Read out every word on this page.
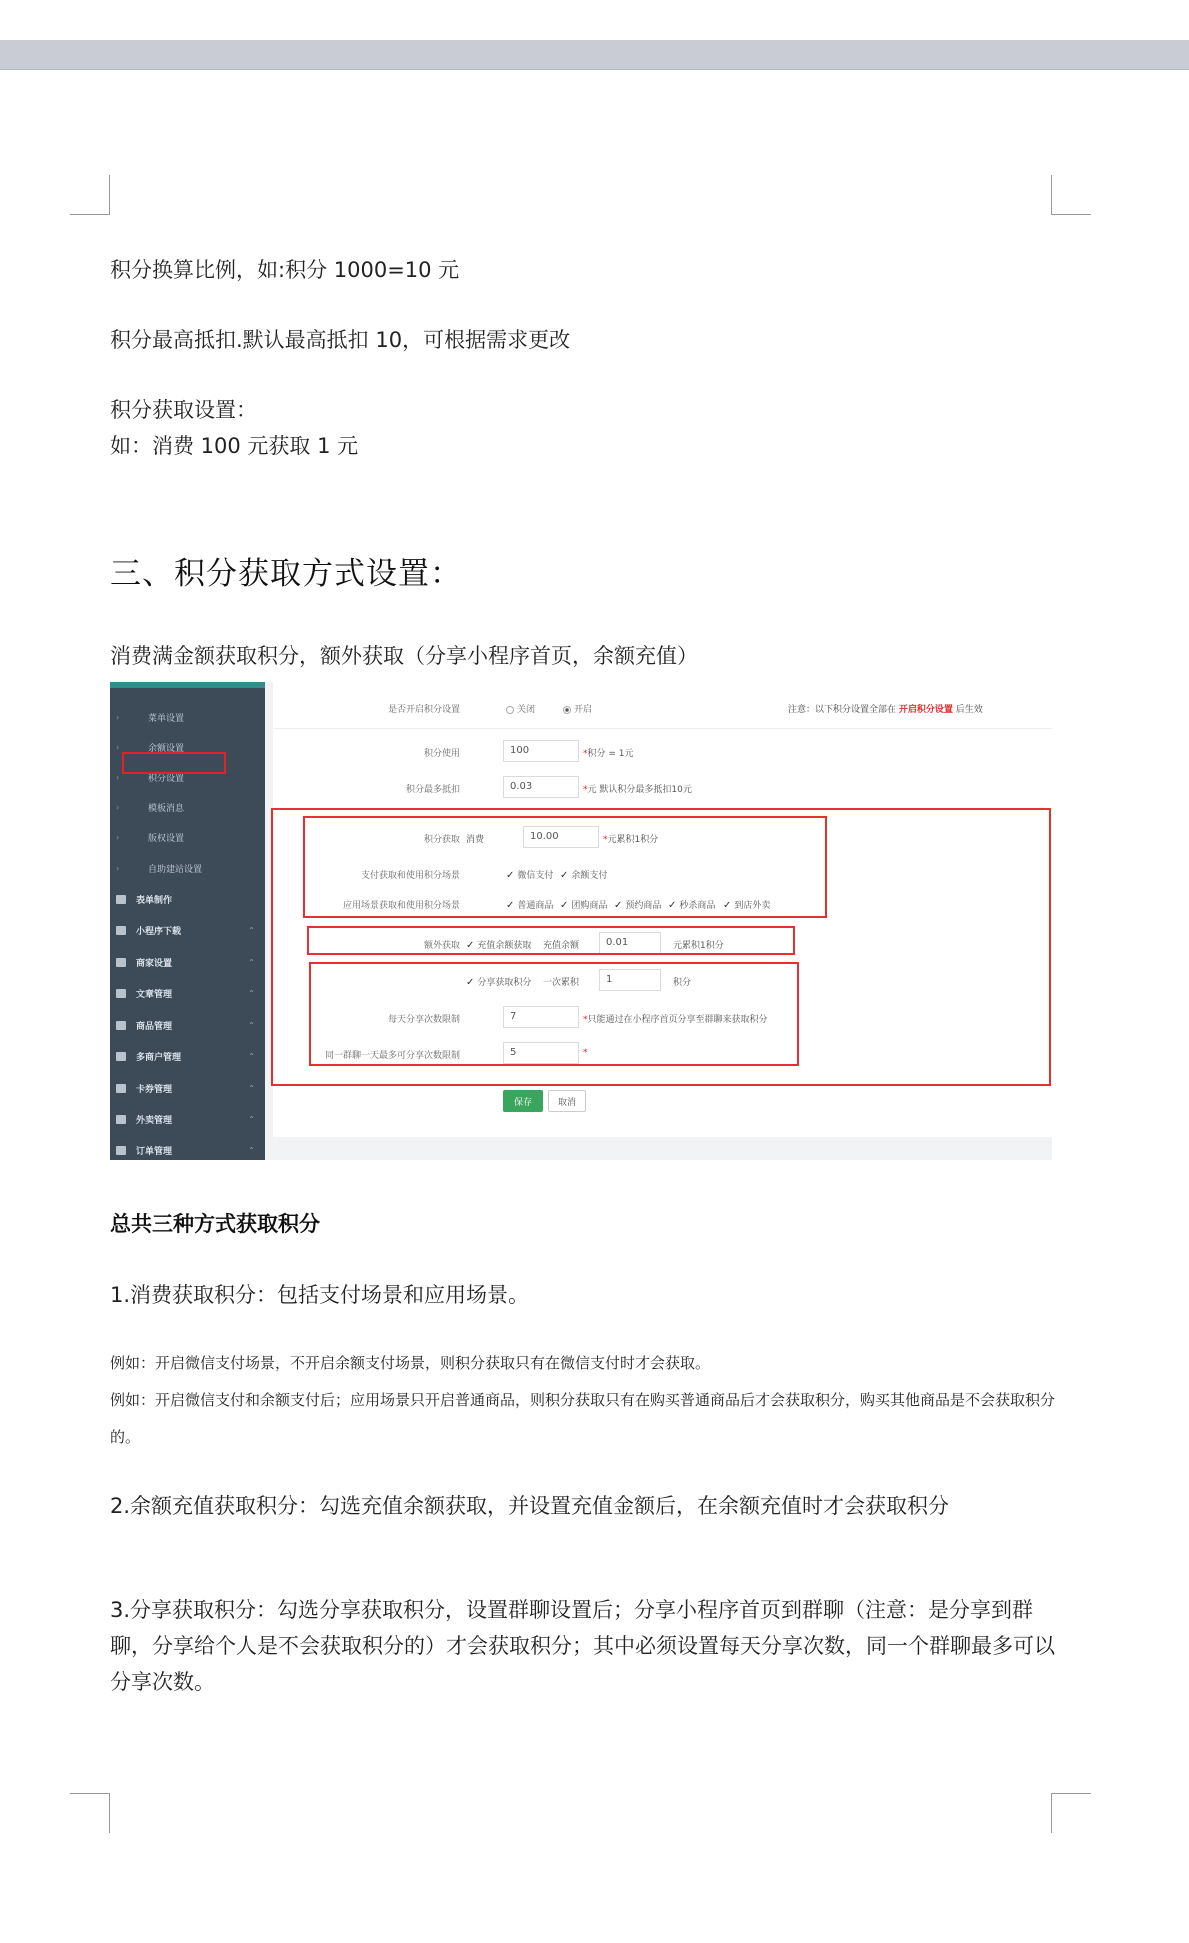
积分换算比例，如:积分 1000=10 元
积分最高抵扣.默认最高抵扣 10，可根据需求更改
积分获取设置：
如：消费 100 元获取 1 元
三、积分获取方式设置：
消费满金额获取积分，额外获取（分享小程序首页，余额充值）
›	菜单设置
›	余额设置
›	积分设置
›	模板消息
›	版权设置
›	自助建站设置
表单制作
小程序下载	⌃
商家设置	⌃
文章管理	⌃
商品管理	⌃
多商户管理	⌃
卡券管理	⌃
外卖管理	⌃
订单管理	⌃
是否开启积分设置	关闭	开启	注意：以下积分设置全部在 开启积分设置 后生效
积分使用	100	*积分 = 1元
积分最多抵扣	0.03	*元 默认积分最多抵扣10元
积分获取 消费	10.00	*元累积1积分
支付获取和使用积分场景	✓ 微信支付 ✓ 余额支付
应用场景获取和使用积分场景	✓ 普通商品 ✓ 团购商品 ✓ 预约商品 ✓ 秒杀商品 ✓ 到店外卖
额外获取 ✓ 充值余额获取 充值余额	0.01	元累积1积分
✓ 分享获取积分 一次累积	1	积分
每天分享次数限制	7	*只能通过在小程序首页分享至群聊来获取积分
同一群聊一天最多可分享次数限制	5	*
保存	取消
总共三种方式获取积分
1.消费获取积分：包括支付场景和应用场景。
例如：开启微信支付场景，不开启余额支付场景，则积分获取只有在微信支付时才会获取。
例如：开启微信支付和余额支付后；应用场景只开启普通商品，则积分获取只有在购买普通商品后才会获取积分，购买其他商品是不会获取积分的。
2.余额充值获取积分：勾选充值余额获取，并设置充值金额后，在余额充值时才会获取积分
3.分享获取积分：勾选分享获取积分，设置群聊设置后；分享小程序首页到群聊（注意：是分享到群聊，分享给个人是不会获取积分的）才会获取积分；其中必须设置每天分享次数，同一个群聊最多可以分享次数。
